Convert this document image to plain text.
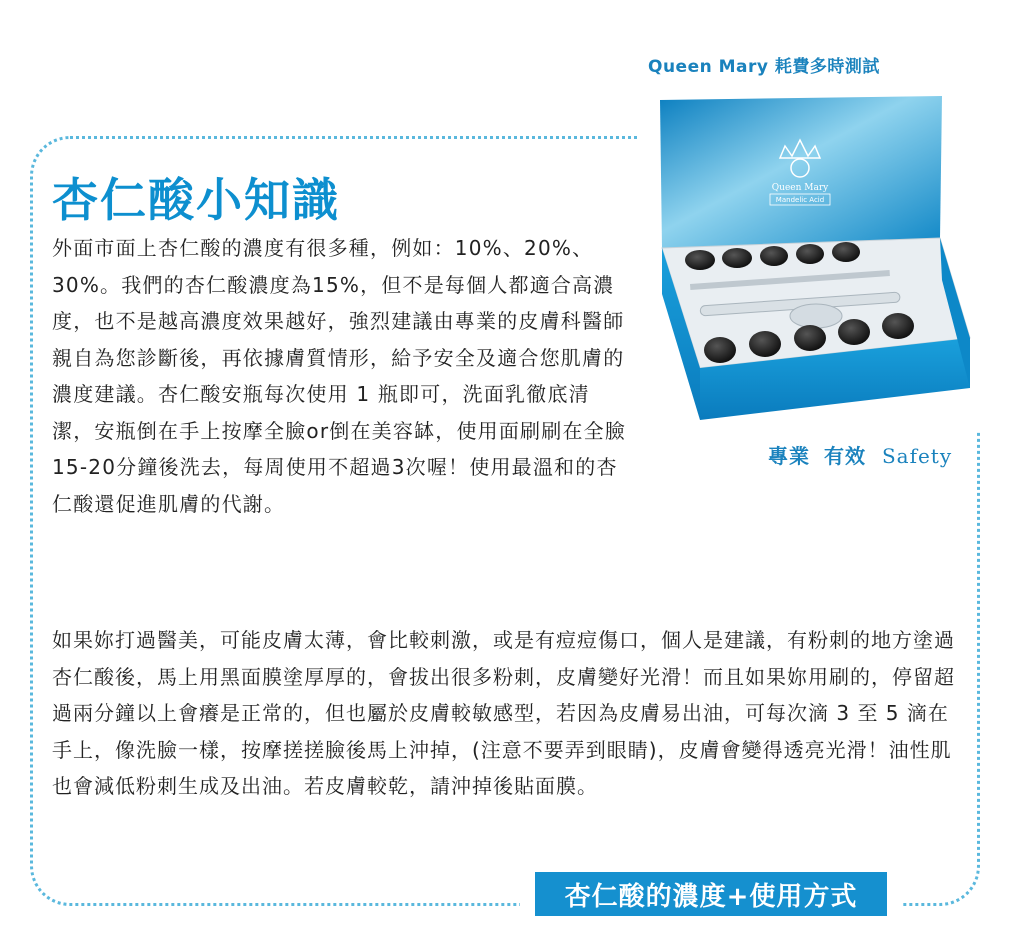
Queen Mary 耗費多時測試
Queen Mary
Mandelic Acid
杏仁酸小知識
外面市面上杏仁酸的濃度有很多種，例如：10%、20%、30%。我們的杏仁酸濃度為15%，但不是每個人都適合高濃度，也不是越高濃度效果越好，強烈建議由專業的皮膚科醫師親自為您診斷後，再依據膚質情形，給予安全及適合您肌膚的濃度建議。杏仁酸安瓶每次使用 1 瓶即可，洗面乳徹底清潔，安瓶倒在手上按摩全臉or倒在美容缽，使用面刷刷在全臉15-20分鐘後洗去，每周使用不超過3次喔！使用最溫和的杏仁酸還促進肌膚的代謝。
專業 有效 Safety
如果妳打過醫美，可能皮膚太薄，會比較刺激，或是有痘痘傷口，個人是建議，有粉刺的地方塗過杏仁酸後，馬上用黑面膜塗厚厚的，會拔出很多粉刺，皮膚變好光滑！而且如果妳用刷的，停留超過兩分鐘以上會癢是正常的，但也屬於皮膚較敏感型，若因為皮膚易出油，可每次滴 3 至 5 滴在手上，像洗臉一樣，按摩搓搓臉後馬上沖掉，(注意不要弄到眼睛)，皮膚會變得透亮光滑！油性肌也會減低粉刺生成及出油。若皮膚較乾，請沖掉後貼面膜。
杏仁酸的濃度+使用方式
